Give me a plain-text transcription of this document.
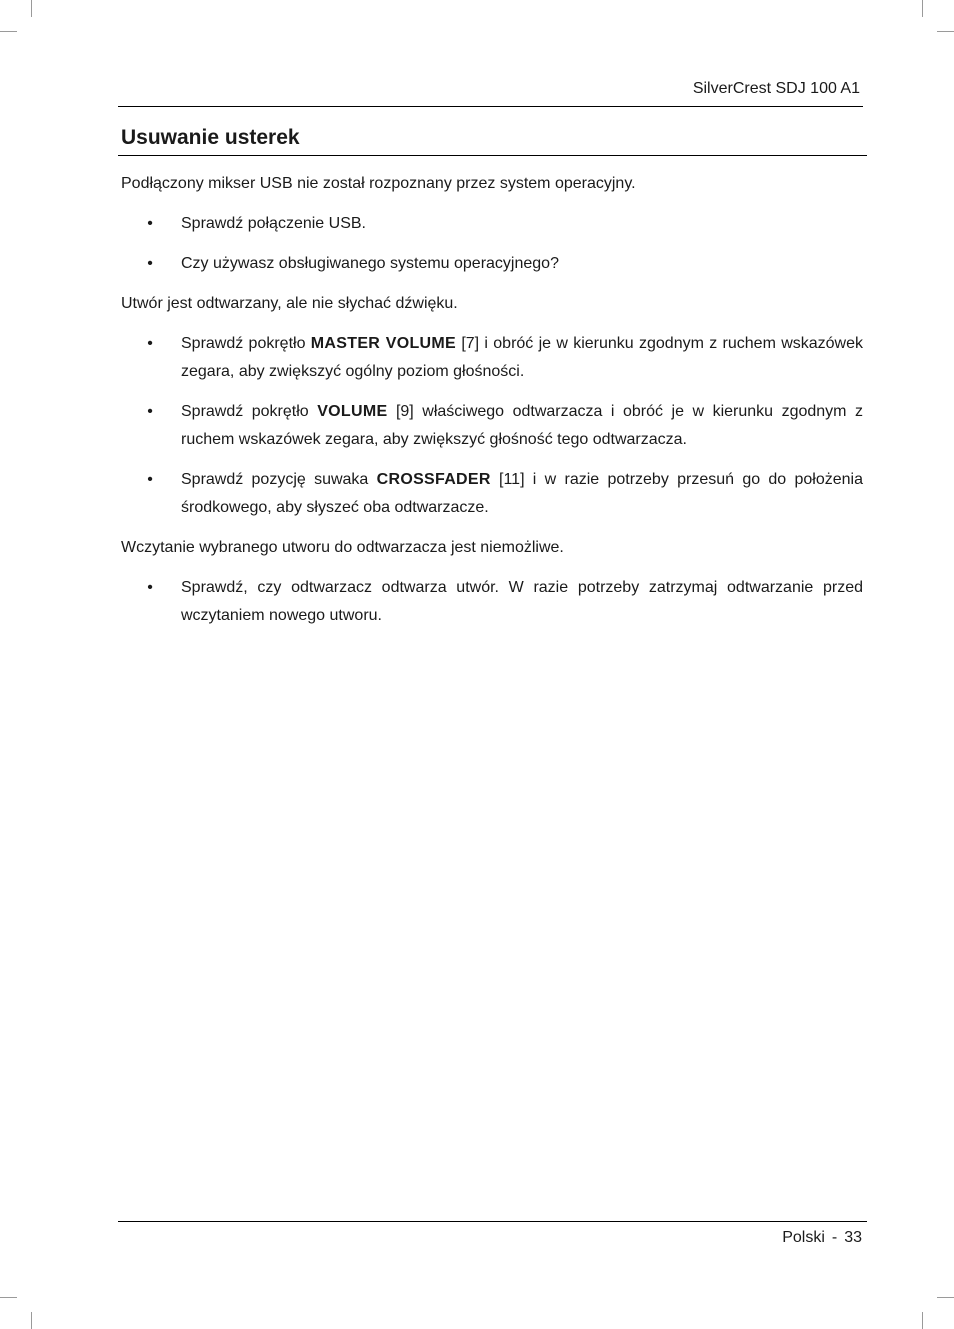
SilverCrest SDJ 100 A1
Usuwanie usterek

Podłączony mikser USB nie został rozpoznany przez system operacyjny.

• Sprawdź połączenie USB.
• Czy używasz obsługiwanego systemu operacyjnego?

Utwór jest odtwarzany, ale nie słychać dźwięku.

• Sprawdź pokrętło MASTER VOLUME [7] i obróć je w kierunku zgodnym z ruchem wskazówek zegara, aby zwiększyć ogólny poziom głośności.
• Sprawdź pokrętło VOLUME [9] właściwego odtwarzacza i obróć je w kierunku zgodnym z ruchem wskazówek zegara, aby zwiększyć głośność tego odtwarzacza.
• Sprawdź pozycję suwaka CROSSFADER [11] i w razie potrzeby przesuń go do położenia środkowego, aby słyszeć oba odtwarzacze.

Wczytanie wybranego utworu do odtwarzacza jest niemożliwe.

• Sprawdź, czy odtwarzacz odtwarza utwór. W razie potrzeby zatrzymaj odtwarzanie przed wczytaniem nowego utworu.
Polski - 33
